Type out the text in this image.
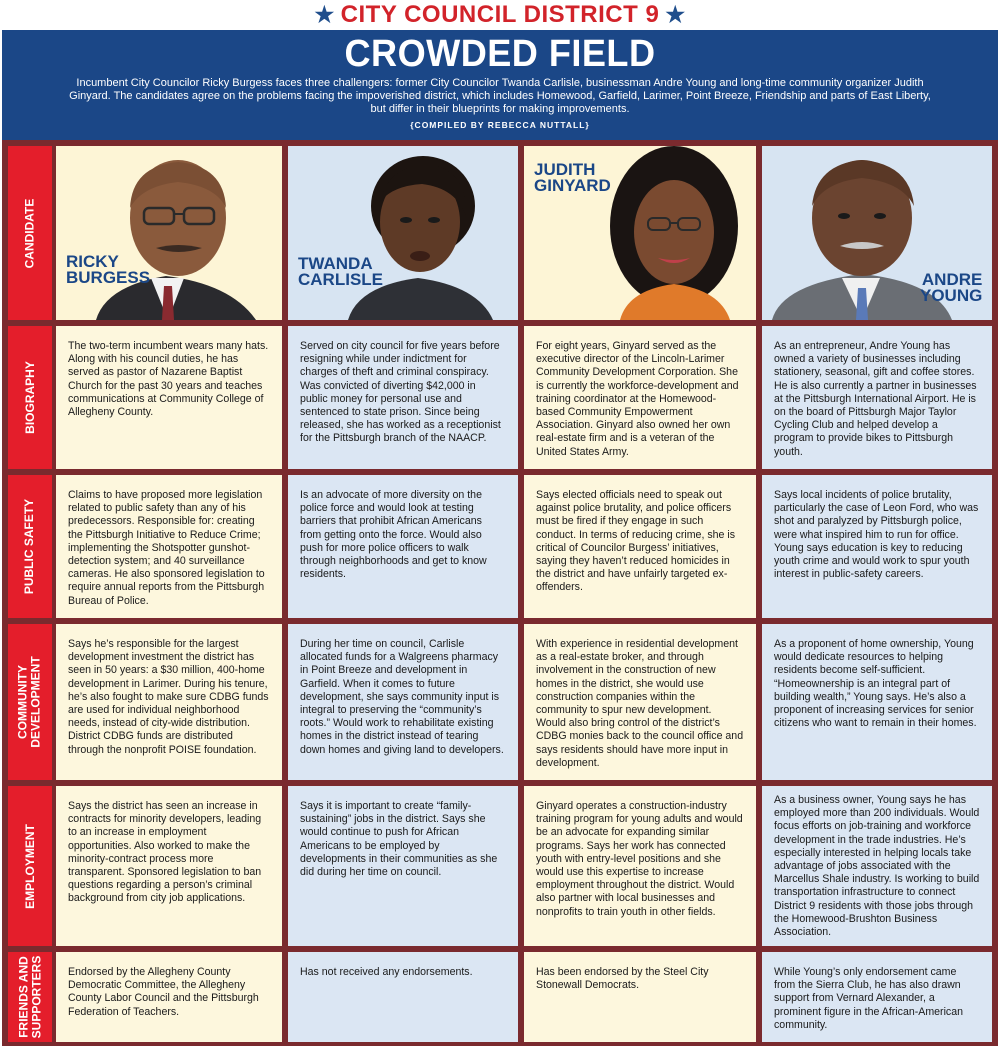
★ CITY COUNCIL DISTRICT 9 ★
CROWDED FIELD

Incumbent City Councilor Ricky Burgess faces three challengers: former City Councilor Twanda Carlisle, businessman Andre Young and long-time community organizer Judith Ginyard. The candidates agree on the problems facing the impoverished district, which includes Homewood, Garfield, Larimer, Point Breeze, Friendship and parts of East Liberty, but differ in their blueprints for making improvements.

{COMPILED BY REBECCA NUTTALL}

CANDIDATE
BIOGRAPHY
PUBLIC SAFETY
COMMUNITY
DEVELOPMENT
EMPLOYMENT
FRIENDS AND
SUPPORTERS
RICKY
BURGESS
TWANDA
CARLISLE
JUDITH
GINYARD
ANDRE
YOUNG
The two-term incumbent wears many hats. Along with his council duties, he has served as pastor of Nazarene Baptist Church for the past 30 years and teaches communications at Community College of Allegheny County.
Served on city council for five years before resigning while under indictment for charges of theft and criminal conspiracy. Was convicted of diverting $42,000 in public money for personal use and sentenced to state prison. Since being released, she has worked as a receptionist for the Pittsburgh branch of the NAACP.
For eight years, Ginyard served as the executive director of the Lincoln-Larimer Community Development Corporation. She is currently the workforce-development and training coordinator at the Homewood-based Community Empowerment Association. Ginyard also owned her own real-estate firm and is a veteran of the United States Army.
As an entrepreneur, Andre Young has owned a variety of businesses including stationery, seasonal, gift and coffee stores. He is also currently a partner in businesses at the Pittsburgh International Airport. He is on the board of Pittsburgh Major Taylor Cycling Club and helped develop a program to provide bikes to Pittsburgh youth.
Claims to have proposed more legislation related to public safety than any of his predecessors. Responsible for: creating the Pittsburgh Initiative to Reduce Crime; implementing the Shotspotter gunshot-detection system; and 40 surveillance cameras. He also sponsored legislation to require annual reports from the Pittsburgh Bureau of Police.
Is an advocate of more diversity on the police force and would look at testing barriers that prohibit African Americans from getting onto the force. Would also push for more police officers to walk through neighborhoods and get to know residents.
Says elected officials need to speak out against police brutality, and police officers must be fired if they engage in such conduct. In terms of reducing crime, she is critical of Councilor Burgess’ initiatives, saying they haven’t reduced homicides in the district and have unfairly targeted ex-offenders.
Says local incidents of police brutality, particularly the case of Leon Ford, who was shot and paralyzed by Pittsburgh police, were what inspired him to run for office. Young says education is key to reducing youth crime and would work to spur youth interest in public-safety careers.
Says he’s responsible for the largest development investment the district has seen in 50 years: a $30 million, 400-home development in Larimer. During his tenure, he’s also fought to make sure CDBG funds are used for individual neighborhood needs, instead of city-wide distribution. District CDBG funds are distributed through the nonprofit POISE foundation.
During her time on council, Carlisle allocated funds for a Walgreens pharmacy in Point Breeze and development in Garfield. When it comes to future development, she says community input is integral to preserving the “community’s roots.” Would work to rehabilitate existing homes in the district instead of tearing down homes and giving land to developers.
With experience in residential development as a real-estate broker, and through involvement in the construction of new homes in the district, she would use construction companies within the community to spur new development. Would also bring control of the district’s CDBG monies back to the council office and says residents should have more input in development.
As a proponent of home ownership, Young would dedicate resources to helping residents become self-sufficient. “Homeownership is an integral part of building wealth,” Young says. He’s also a proponent of increasing services for senior citizens who want to remain in their homes.
Says the district has seen an increase in contracts for minority developers, leading to an increase in employment opportunities. Also worked to make the minority-contract process more transparent. Sponsored legislation to ban questions regarding a person’s criminal background from city job applications.
Says it is important to create “family-sustaining” jobs in the district. Says she would continue to push for African Americans to be employed by developments in their communities as she did during her time on council.
Ginyard operates a construction-industry training program for young adults and would be an advocate for expanding similar programs. Says her work has connected youth with entry-level positions and she would use this expertise to increase employment throughout the district. Would also partner with local businesses and nonprofits to train youth in other fields.
As a business owner, Young says he has employed more than 200 individuals. Would focus efforts on job-training and workforce development in the trade industries. He’s especially interested in helping locals take advantage of jobs associated with the Marcellus Shale industry. Is working to build transportation infrastructure to connect District 9 residents with those jobs through the Homewood-Brushton Business Association.
Endorsed by the Allegheny County Democratic Committee, the Allegheny County Labor Council and the Pittsburgh Federation of Teachers.
Has not received any endorsements.	Has been endorsed by the Steel City Stonewall Democrats.
While Young’s only endorsement came from the Sierra Club, he has also drawn support from Vernard Alexander, a prominent figure in the African-American community.
